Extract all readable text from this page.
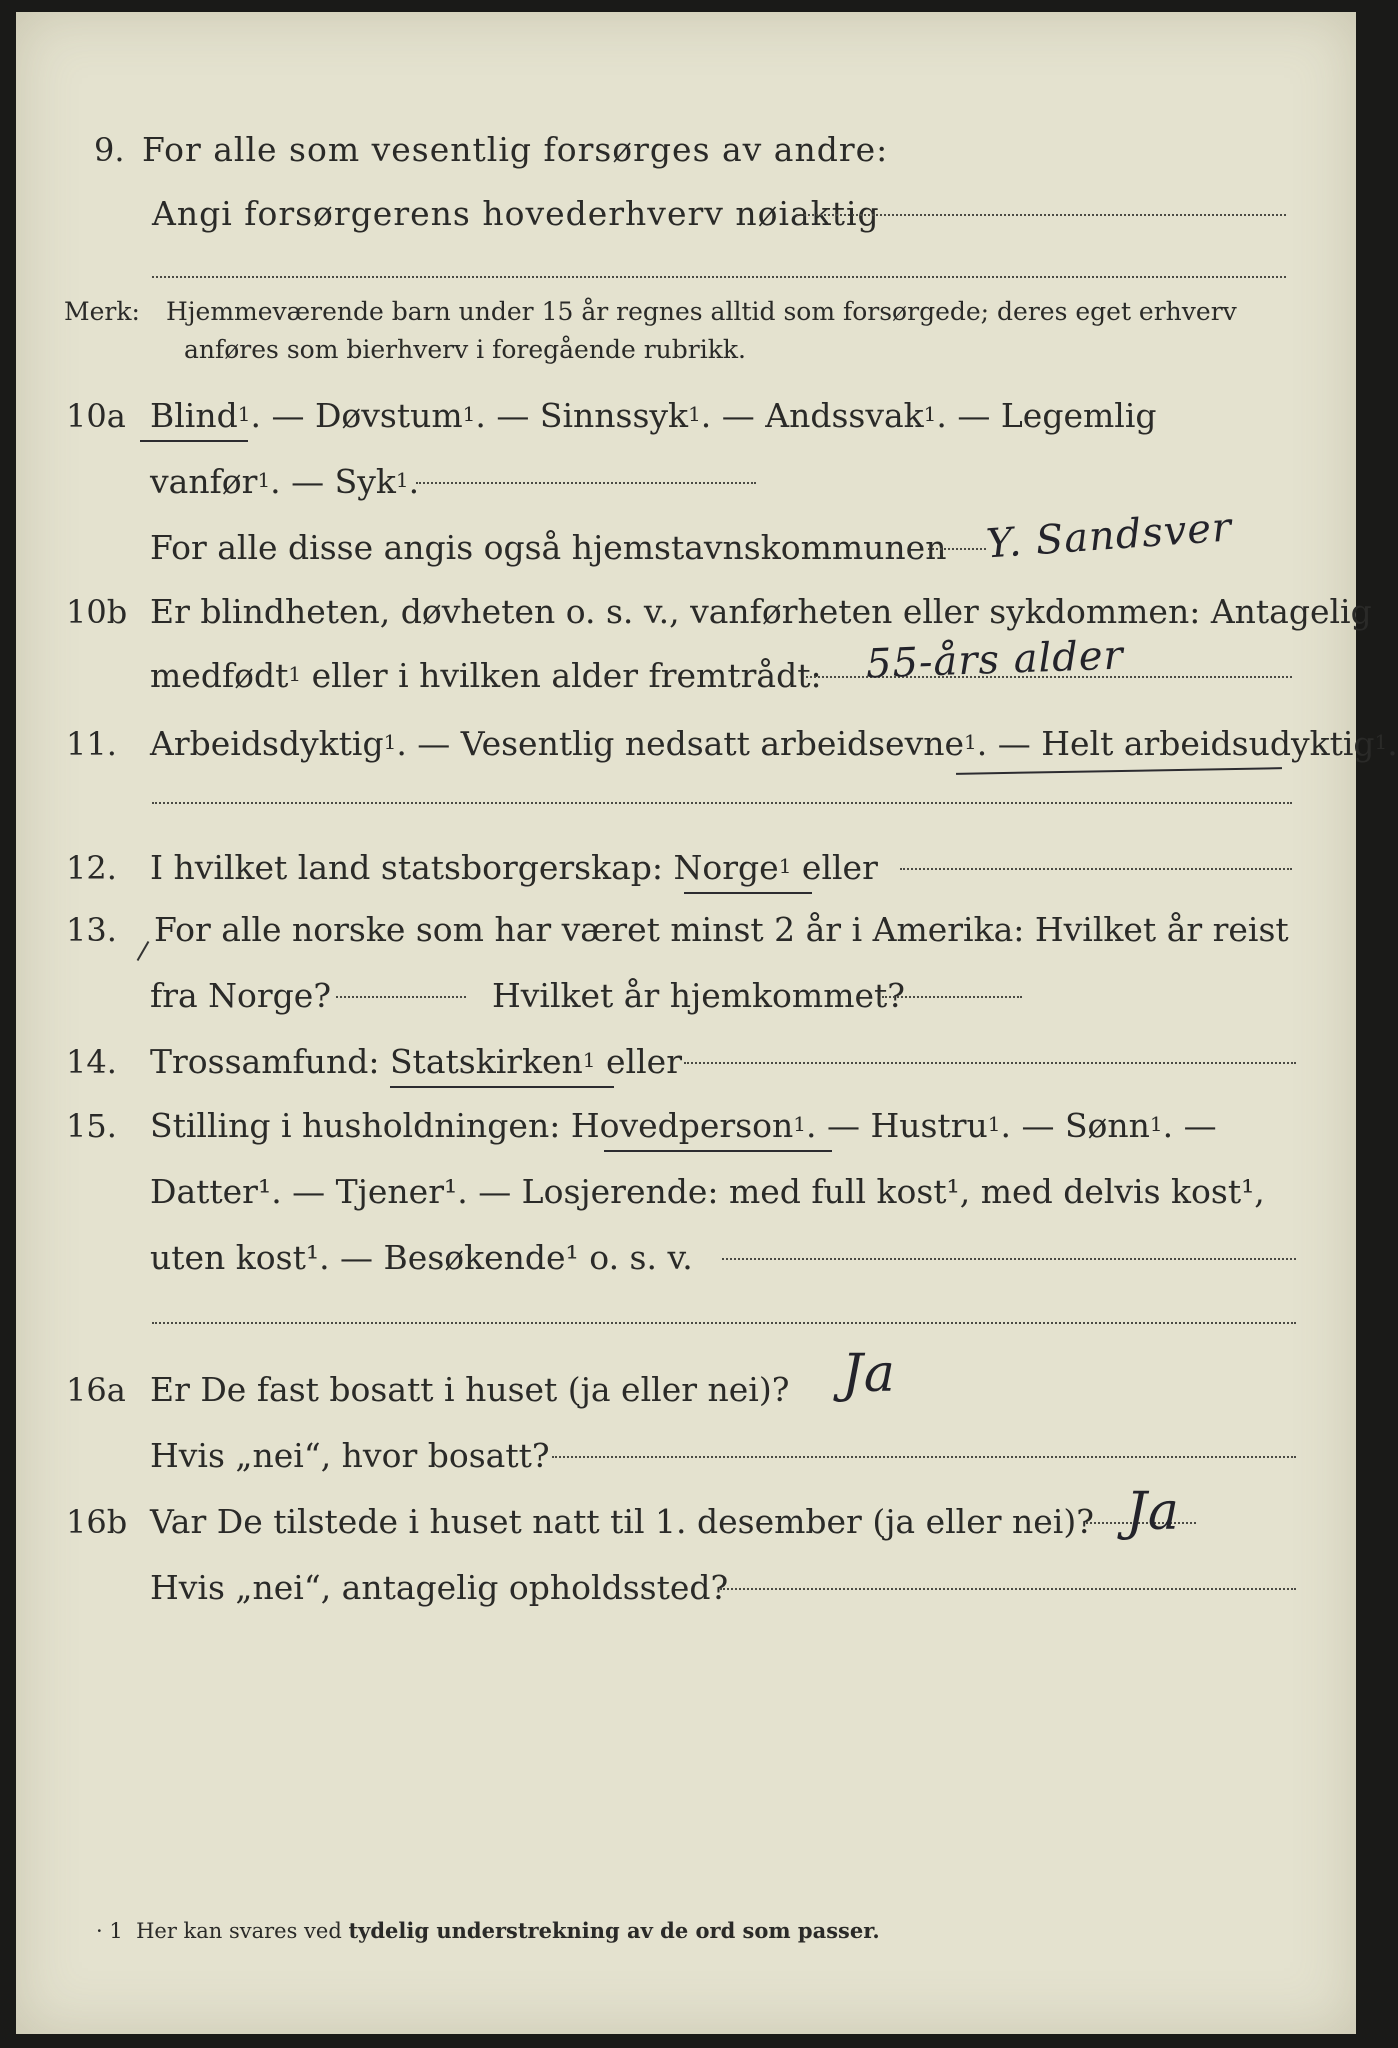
9. For alle som vesentlig forsørges av andre:
Angi forsørgerens hovederhverv nøiaktig
Merk: Hjemmeværende barn under 15 år regnes alltid som forsørgede; deres eget erhverv
anføres som bierhverv i foregående rubrikk.
10a Blind$^1$. — Døvstum$^1$. — Sinnssyk$^1$. — Andssvak$^1$. — Legemlig
vanfør$^1$. — Syk$^1$.
For alle disse angis også hjemstavnskommunen Y. Sandsver
10b Er blindheten, døvheten o. s. v., vanførheten eller sykdommen: Antagelig
medfødt$^1$ eller i hvilken alder fremtrådt: 55-års alder
11. Arbeidsdyktig$^1$. — Vesentlig nedsatt arbeidsevne$^1$. — Helt arbeidsudyktig$^1$.
12. I hvilket land statsborgerskap: Norge$^1$ eller
13. For alle norske som har været minst 2 år i Amerika: Hvilket år reist
fra Norge?	Hvilket år hjemkommet?
14. Trossamfund: Statskirken$^1$ eller
15. Stilling i husholdningen: Hovedperson$^1$. — Hustru$^1$. — Sønn$^1$. —
Datter¹. — Tjener¹. — Losjerende: med full kost¹, med delvis kost¹,
uten kost¹. — Besøkende¹ o. s. v.
16a Er De fast bosatt i huset (ja eller nei)? Ja
Hvis „nei“, hvor bosatt?
16b Var De tilstede i huset natt til 1. desember (ja eller nei)? Ja
Hvis „nei“, antagelig opholdssted?
· 1 Her kan svares ved tydelig understrekning av de ord som passer.
